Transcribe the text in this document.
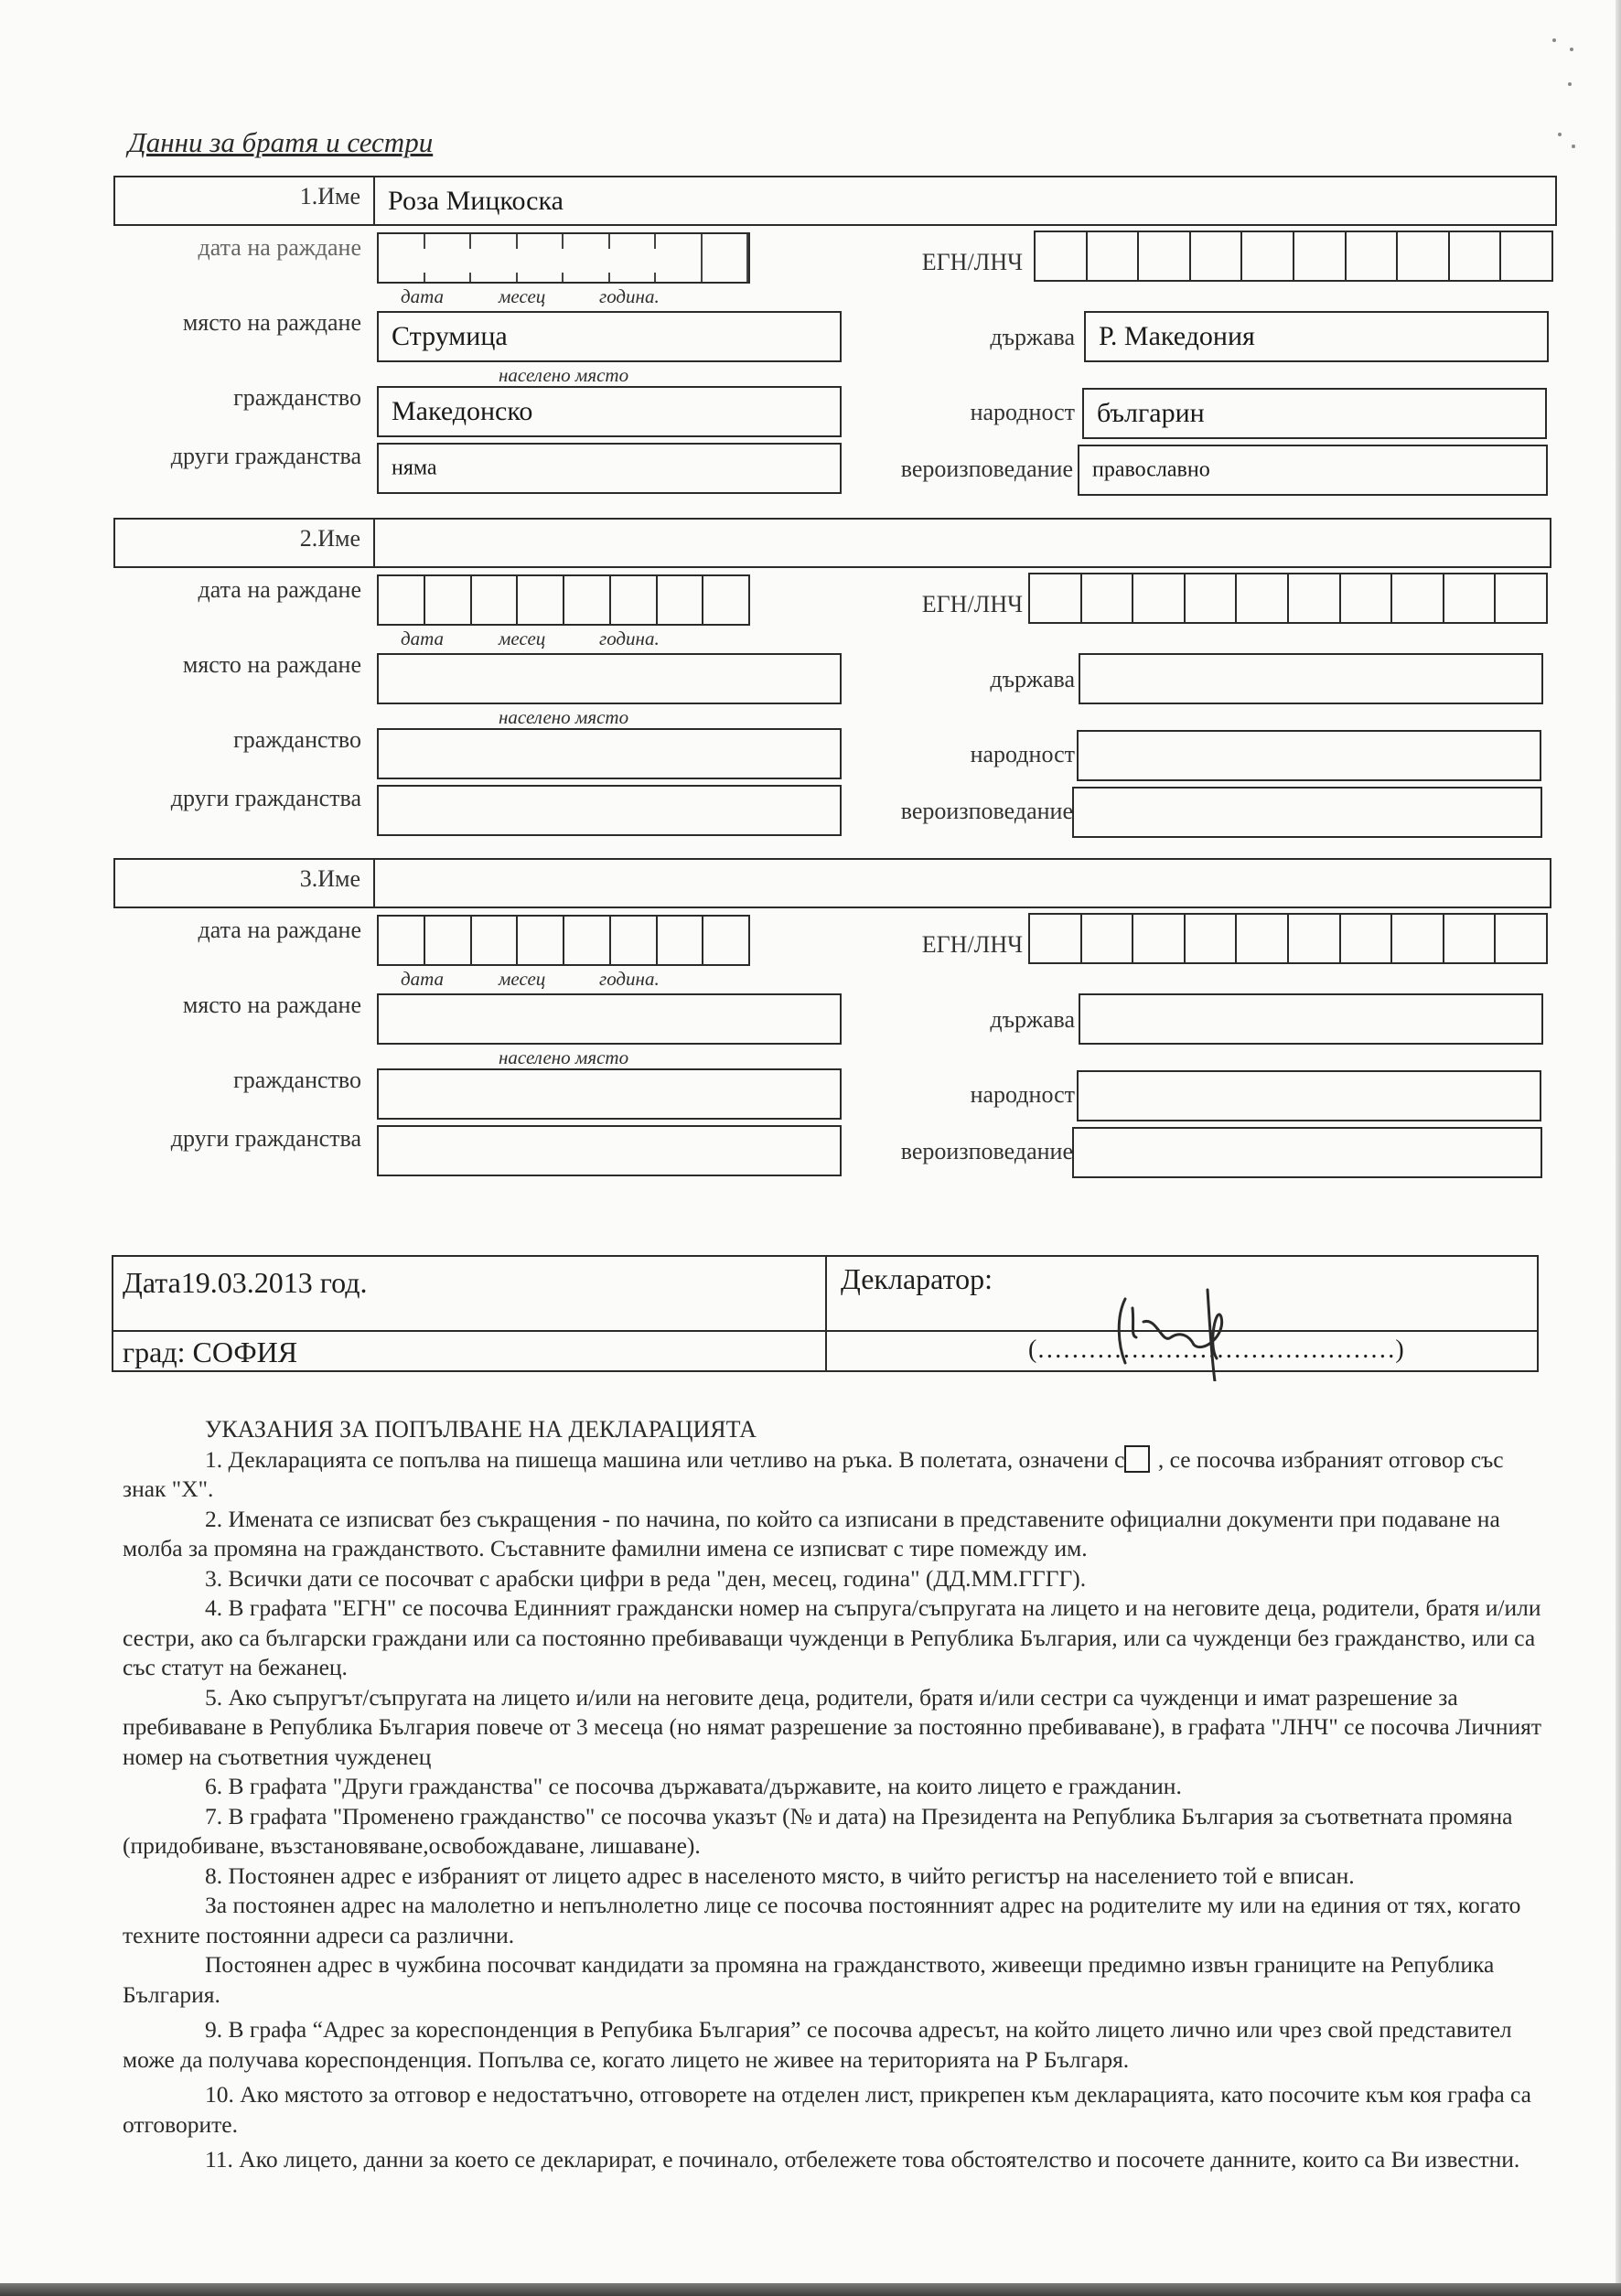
Данни за братя и сестри
1.Име	Роза Мицкоска
дата на раждане
дата	месец	година.
ЕГН/ЛНЧ
място на раждане Струмица
населено място
държава Р. Македония
гражданство Македонско	народност българин
други гражданства няма	вероизповедание православно
2.Име
дата на раждане
дата	месец	година.
ЕГН/ЛНЧ
място на раждане
населено място
държава
гражданство
народност
други гражданства	вероизповедание
3.Име
дата на раждане
дата	месец	година.
ЕГН/ЛНЧ
място на раждане
населено място
държава
гражданство
народност
други гражданства	вероизповедание
Дата19.03.2013 год.
град: СОФИЯ
Декларатор:
(……………………………………)
УКАЗАНИЯ ЗА ПОПЪЛВАНЕ НА ДЕКЛАРАЦИЯТА

1. Декларацията се попълва на пишеща машина или четливо на ръка. В полетата, означени с , се посочва избраният отговор със знак "X".

2. Имената се изписват без съкращения - по начина, по който са изписани в представените официални документи при подаване на молба за промяна на гражданството. Съставните фамилни имена се изписват с тире помежду им.

3. Всички дати се посочват с арабски цифри в реда "ден, месец, година" (ДД.ММ.ГГГГ).

4. В графата "ЕГН" се посочва Единният граждански номер на съпруга/съпругата на лицето и на неговите деца, родители, братя и/или сестри, ако са български граждани или са постоянно пребиваващи чужденци в Република България, или са чужденци без гражданство, или са със статут на бежанец.

5. Ако съпругът/съпругата на лицето и/или на неговите деца, родители, братя и/или сестри са чужденци и имат разрешение за пребиваване в Република България повече от 3 месеца (но нямат разрешение за постоянно пребиваване), в графата "ЛНЧ" се посочва Личният номер на съответния чужденец

6. В графата "Други гражданства" се посочва държавата/държавите, на които лицето е гражданин.

7. В графата "Променено гражданство" се посочва указът (№ и дата) на Президента на Република България за съответната промяна (придобиване, възстановяване,освобождаване, лишаване).

8. Постоянен адрес е избраният от лицето адрес в населеното място, в чийто регистър на населението той е вписан.

За постоянен адрес на малолетно и непълнолетно лице се посочва постоянният адрес на родителите му или на единия от тях, когато техните постоянни адреси са различни.

Постоянен адрес в чужбина посочват кандидати за промяна на гражданството, живеещи предимно извън границите на Република България.

9. В графа “Адрес за кореспонденция в Репубика България” се посочва адресът, на който лицето лично или чрез свой представител може да получава кореспонденция. Попълва се, когато лицето не живее на територията на Р Българя.

10. Ако мястото за отговор е недостатъчно, отговорете на отделен лист, прикрепен към декларацията, като посочите към коя графа са отговорите.

11. Ако лицето, данни за което се декларират, е починало, отбележете това обстоятелство и посочете данните, които са Ви известни.
